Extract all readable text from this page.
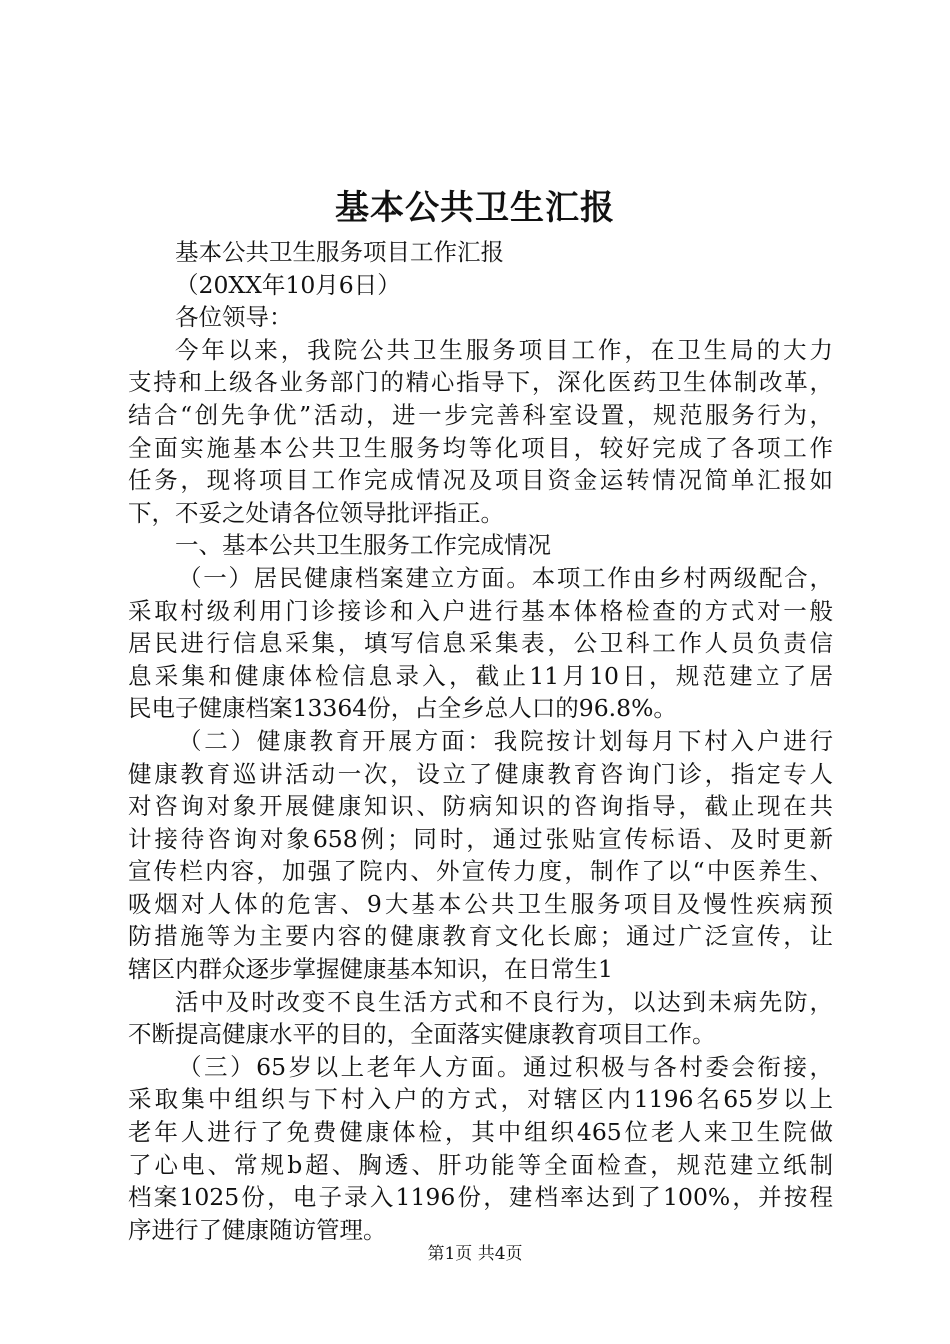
基本公共卫生汇报
基本公共卫生服务项目工作汇报
（20XX年10月6日）
各位领导：
今年以来，我院公共卫生服务项目工作，在卫生局的大力
支持和上级各业务部门的精心指导下，深化医药卫生体制改革，
结合“创先争优”活动，进一步完善科室设置，规范服务行为，
全面实施基本公共卫生服务均等化项目，较好完成了各项工作
任务，现将项目工作完成情况及项目资金运转情况简单汇报如
下，不妥之处请各位领导批评指正。
一、基本公共卫生服务工作完成情况
（一）居民健康档案建立方面。本项工作由乡村两级配合，
采取村级利用门诊接诊和入户进行基本体格检查的方式对一般
居民进行信息采集，填写信息采集表，公卫科工作人员负责信
息采集和健康体检信息录入，截止11月10日，规范建立了居
民电子健康档案13364份，占全乡总人口的96.8%。
（二）健康教育开展方面：我院按计划每月下村入户进行
健康教育巡讲活动一次，设立了健康教育咨询门诊，指定专人
对咨询对象开展健康知识、防病知识的咨询指导，截止现在共
计接待咨询对象658例；同时，通过张贴宣传标语、及时更新
宣传栏内容，加强了院内、外宣传力度，制作了以“中医养生、
吸烟对人体的危害、9大基本公共卫生服务项目及慢性疾病预
防措施等为主要内容的健康教育文化长廊；通过广泛宣传，让
辖区内群众逐步掌握健康基本知识，在日常生1
活中及时改变不良生活方式和不良行为，以达到未病先防，
不断提高健康水平的目的，全面落实健康教育项目工作。
（三）65岁以上老年人方面。通过积极与各村委会衔接，
采取集中组织与下村入户的方式，对辖区内1196名65岁以上
老年人进行了免费健康体检，其中组织465位老人来卫生院做
了心电、常规b超、胸透、肝功能等全面检查，规范建立纸制
档案1025份，电子录入1196份，建档率达到了100%，并按程
序进行了健康随访管理。
第1页 共4页
